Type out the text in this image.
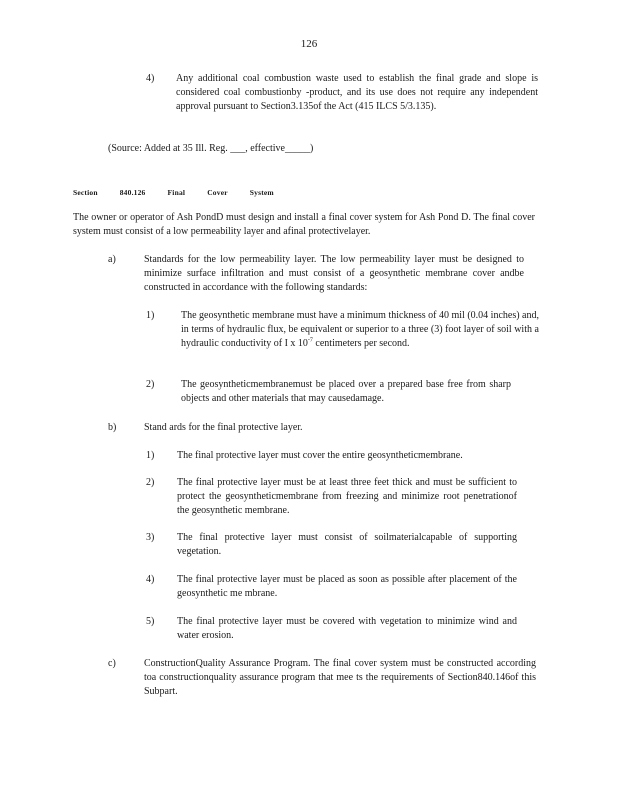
126
4) Any additional coal combustion waste used to establish the final grade and slope is considered coal combustionby -product, and its use does not require any independent approval pursuant to Section3.135of the Act (415 ILCS 5/3.135).
(Source: Added at 35 Ill. Reg. ___, effective_____)
Section	840.126	Final	Cover	System
The owner or operator of Ash PondD must design and install a final cover system for Ash Pond D. The final cover system must consist of a low permeability layer and afinal protectivelayer.
a)	Standards for the low permeability layer. The low permeability layer must be designed to minimize surface infiltration and must consist of a geosynthetic membrane cover andbe constructed in accordance with the following standards:
1)	The geosynthetic membrane must have a minimum thickness of 40 mil (0.04 inches) and, in terms of hydraulic flux, be equivalent or superior to a three (3) foot layer of soil with a hydraulic conductivity of I x $10^{-7}$ centimeters per second.
2)	The geosyntheticmembranemust be placed over a prepared base free from sharp objects and other materials that may causedamage.
b)	Stand ards for the final protective layer.
1) The final protective layer must cover the entire geosyntheticmembrane.
2) The final protective layer must be at least three feet thick and must be sufficient to protect the geosyntheticmembrane from freezing and minimize root penetrationof the geosynthetic membrane.
3) The final protective layer must consist of soilmaterialcapable of supporting vegetation.
4) The final protective layer must be placed as soon as possible after placement of the geosynthetic me mbrane.
5) The final protective layer must be covered with vegetation to minimize wind and water erosion.
c)	ConstructionQuality Assurance Program. The final cover system must be constructed according toa constructionquality assurance program that mee ts the requirements of Section840.146of this Subpart.
